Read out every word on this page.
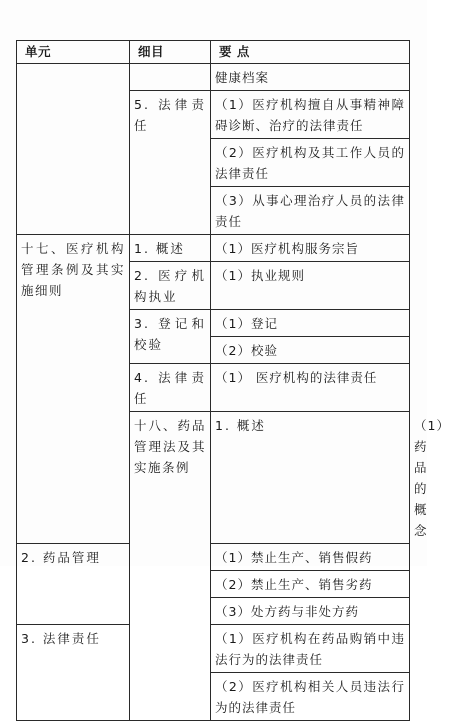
单元	细目	要 点	
		健康档案	
	5. 法律责任	（1）医疗机构擅自从事精神障碍诊断、治疗的法律责任	
		（2）医疗机构及其工作人员的法律责任	
		（3）从事心理治疗人员的法律责任	
十七、医疗机构管理条例及其实施细则	1. 概述	（1）医疗机构服务宗旨	
	2. 医疗机构执业	（1）执业规则	
	3. 登记和校验	（1）登记	
		（2）校验	
	4. 法律责任	（1） 医疗机构的法律责任	
	十八、药品管理法及其实施条例	1. 概述	（1）药品的概念
2. 药品管理		（1）禁止生产、销售假药	
		（2）禁止生产、销售劣药	
		（3）处方药与非处方药	
3. 法律责任		（1）医疗机构在药品购销中违法行为的法律责任	
		（2）医疗机构相关人员违法行为的法律责任	
